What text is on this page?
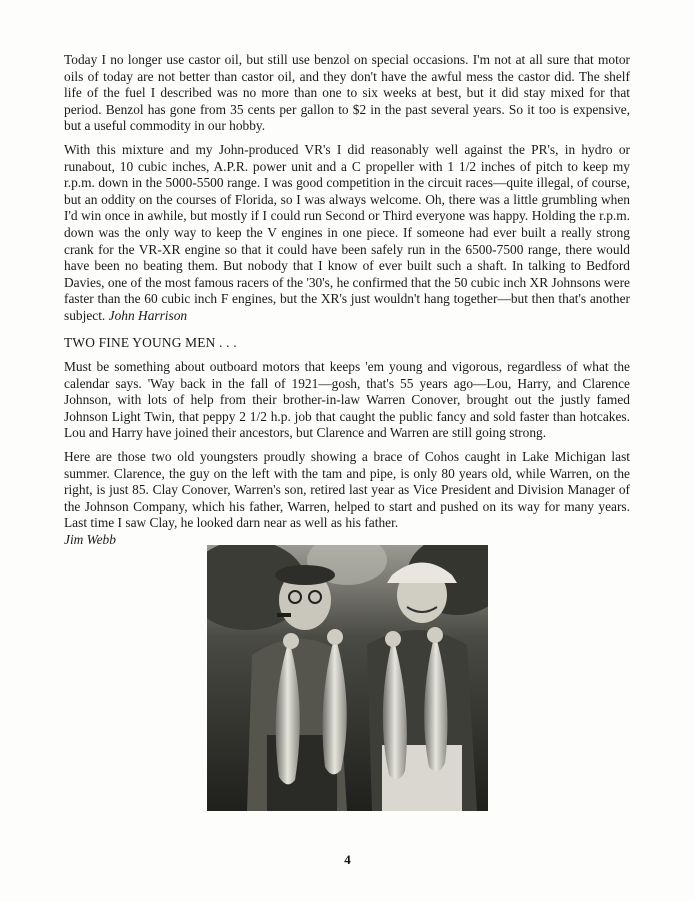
Today I no longer use castor oil, but still use benzol on special occasions. I'm not at all sure that motor oils of today are not better than castor oil, and they don't have the awful mess the castor did. The shelf life of the fuel I described was no more than one to six weeks at best, but it did stay mixed for that period. Benzol has gone from 35 cents per gallon to $2 in the past several years. So it too is expensive, but a useful commodity in our hobby.

With this mixture and my John-produced VR's I did reasonably well against the PR's, in hydro or runabout, 10 cubic inches, A.P.R. power unit and a C propeller with 1 1/2 inches of pitch to keep my r.p.m. down in the 5000-5500 range. I was good competition in the circuit races—quite illegal, of course, but an oddity on the courses of Florida, so I was always welcome. Oh, there was a little grumbling when I'd win once in awhile, but mostly if I could run Second or Third everyone was happy. Holding the r.p.m. down was the only way to keep the V engines in one piece. If someone had ever built a really strong crank for the VR-XR engine so that it could have been safely run in the 6500-7500 range, there would have been no beating them. But nobody that I know of ever built such a shaft. In talking to Bedford Davies, one of the most famous racers of the '30's, he confirmed that the 50 cubic inch XR Johnsons were faster than the 60 cubic inch F engines, but the XR's just wouldn't hang together—but then that's another subject. John Harrison

TWO FINE YOUNG MEN . . .

Must be something about outboard motors that keeps 'em young and vigorous, regardless of what the calendar says. 'Way back in the fall of 1921—gosh, that's 55 years ago—Lou, Harry, and Clarence Johnson, with lots of help from their brother-in-law Warren Conover, brought out the justly famed Johnson Light Twin, that peppy 2 1/2 h.p. job that caught the public fancy and sold faster than hotcakes. Lou and Harry have joined their ancestors, but Clarence and Warren are still going strong.

Here are those two old youngsters proudly showing a brace of Cohos caught in Lake Michigan last summer. Clarence, the guy on the left with the tam and pipe, is only 80 years old, while Warren, on the right, is just 85. Clay Conover, Warren's son, retired last year as Vice President and Division Manager of the Johnson Company, which his father, Warren, helped to start and pushed on its way for many years. Last time I saw Clay, he looked darn near as well as his father.
Jim Webb

4
